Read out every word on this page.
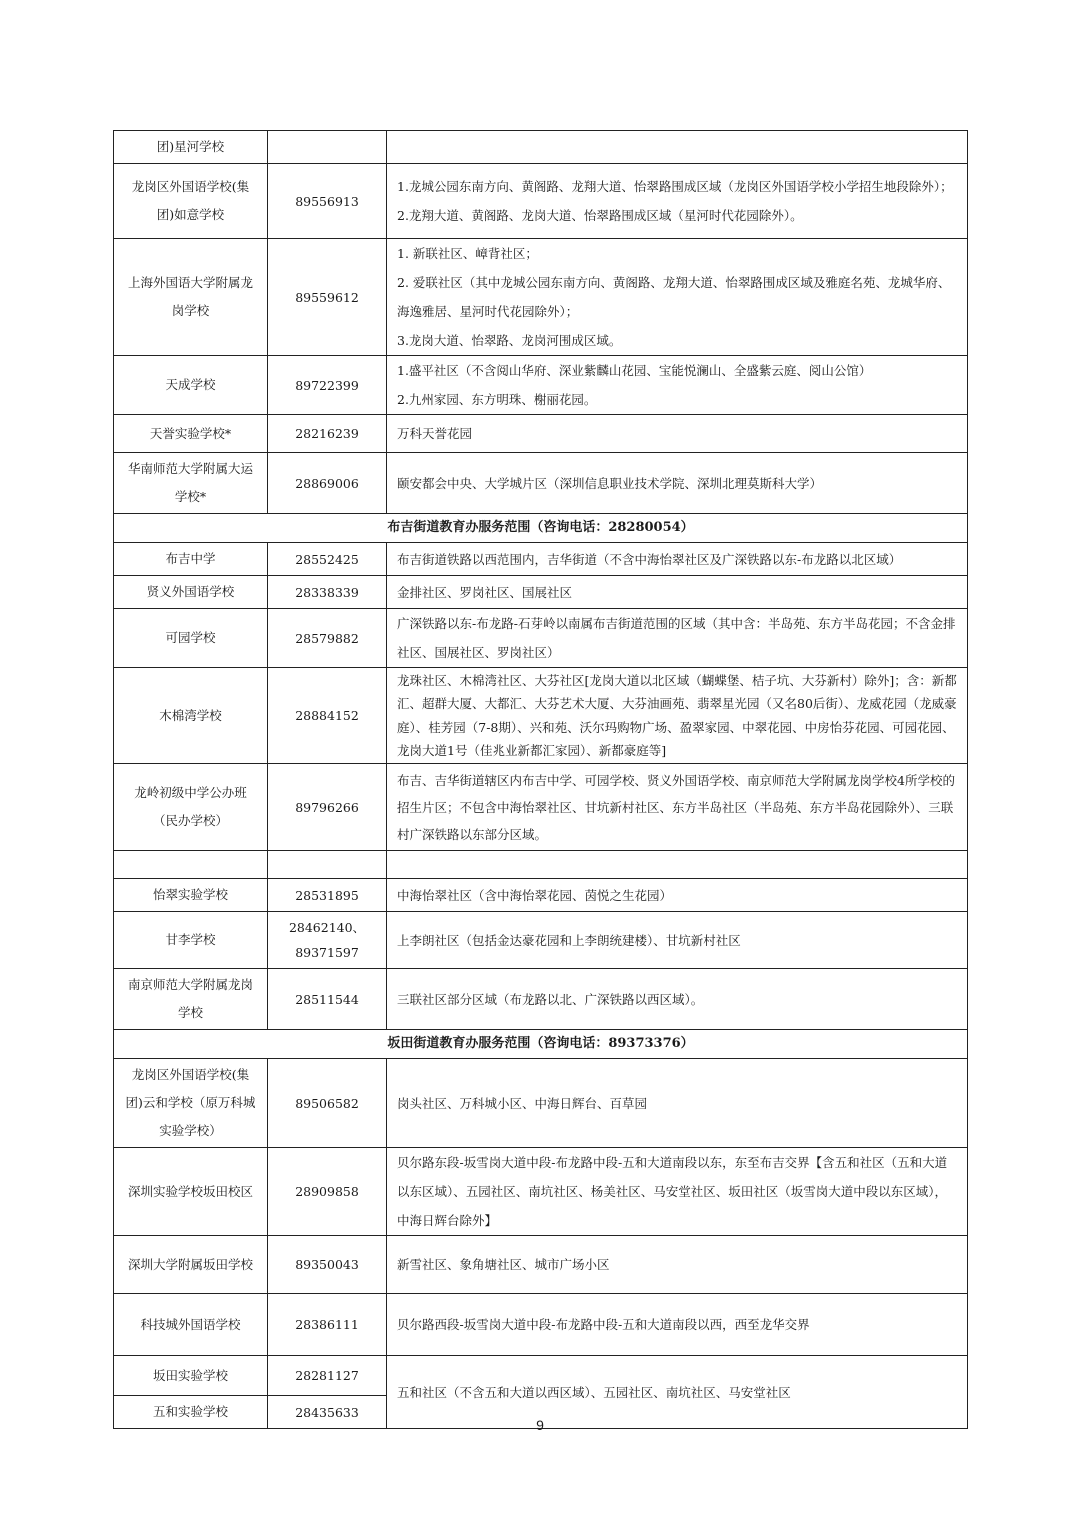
团)星河学校		
龙岗区外国语学校(集团)如意学校	89556913	1.龙城公园东南方向、黄阁路、龙翔大道、怡翠路围成区域（龙岗区外国语学校小学招生地段除外）；
2.龙翔大道、黄阁路、龙岗大道、怡翠路围成区域（星河时代花园除外）。

上海外国语大学附属龙岗学校	89559612	1. 新联社区、嶂背社区；
2. 爱联社区（其中龙城公园东南方向、黄阁路、龙翔大道、怡翠路围成区域及雅庭名苑、龙城华府、海逸雅居、星河时代花园除外）；
3.龙岗大道、怡翠路、龙岗河围成区域。

天成学校	89722399	1.盛平社区（不含阅山华府、深业紫麟山花园、宝能悦澜山、全盛紫云庭、阅山公馆）
2.九州家园、东方明珠、榭丽花园。

天誉实验学校*	28216239	万科天誉花园

华南师范大学附属大运学校*	28869006	颐安都会中央、大学城片区（深圳信息职业技术学院、深圳北理莫斯科大学）

布吉街道教育办服务范围（咨询电话：28280054）		
布吉中学	28552425	布吉街道铁路以西范围内，吉华街道（不含中海怡翠社区及广深铁路以东-布龙路以北区域）

贤义外国语学校	28338339	金排社区、罗岗社区、国展社区

可园学校	28579882	广深铁路以东-布龙路-石芽岭以南属布吉街道范围的区域（其中含：半岛苑、东方半岛花园；不含金排社区、国展社区、罗岗社区）

木棉湾学校	28884152	龙珠社区、木棉湾社区、大芬社区[龙岗大道以北区域（蝴蝶堡、桔子坑、大芬新村）除外]；含：新都汇、超群大厦、大都汇、大芬艺术大厦、大芬油画苑、翡翠星光园（又名80后街）、龙威花园（龙威豪庭）、桂芳园（7-8期）、兴和苑、沃尔玛购物广场、盈翠家园、中翠花园、中房怡芬花园、可园花园、龙岗大道1号（佳兆业新都汇家园）、新都豪庭等]

龙岭初级中学公办班（民办学校）	89796266	布吉、吉华街道辖区内布吉中学、可园学校、贤义外国语学校、南京师范大学附属龙岗学校4所学校的招生片区；不包含中海怡翠社区、甘坑新村社区、东方半岛社区（半岛苑、东方半岛花园除外）、三联村广深铁路以东部分区域。

怡翠实验学校	28531895	中海怡翠社区（含中海怡翠花园、茵悦之生花园）

甘李学校	28462140、89371597	上李朗社区（包括金达豪花园和上李朗统建楼）、甘坑新村社区

南京师范大学附属龙岗学校	28511544	三联社区部分区域（布龙路以北、广深铁路以西区域）。

坂田街道教育办服务范围（咨询电话：89373376）		
龙岗区外国语学校(集团)云和学校（原万科城实验学校）	89506582	岗头社区、万科城小区、中海日辉台、百草园

深圳实验学校坂田校区	28909858	贝尔路东段-坂雪岗大道中段-布龙路中段-五和大道南段以东，东至布吉交界【含五和社区（五和大道以东区域）、五园社区、南坑社区、杨美社区、马安堂社区、坂田社区（坂雪岗大道中段以东区域），中海日辉台除外】

深圳大学附属坂田学校	89350043	新雪社区、象角塘社区、城市广场小区

科技城外国语学校	28386111	贝尔路西段-坂雪岗大道中段-布龙路中段-五和大道南段以西，西至龙华交界

坂田实验学校	28281127	五和社区（不含五和大道以西区域）、五园社区、南坑社区、马安堂社区

五和实验学校	28435633	
9
